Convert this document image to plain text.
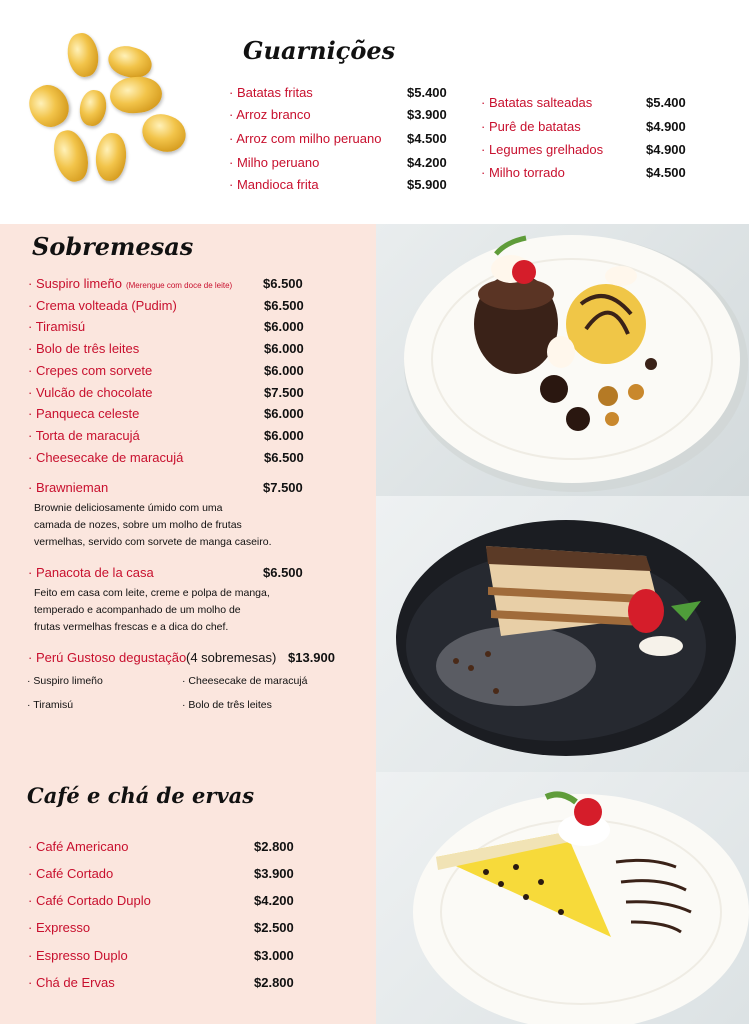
Guarnições
· Batatas fritas	$5.400
· Arroz branco	$3.900
· Arroz com milho peruano $4.500
· Milho peruano	$4.200
· Mandioca frita	$5.900
· Batatas salteadas	$5.400
· Purê de batatas	$4.900
· Legumes grelhados	$4.900
· Milho torrado	$4.500
Sobremesas
· Suspiro limeño (Merengue com doce de leite) $6.500
· Crema volteada (Pudim)	$6.500
· Tiramisú	$6.000
· Bolo de três leites	$6.000
· Crepes com sorvete	$6.000
· Vulcão de chocolate	$7.500
· Panqueca celeste	$6.000
· Torta de maracujá	$6.000
· Cheesecake de maracujá	$6.500
· Brawnieman	$7.500
Brownie deliciosamente úmido com uma
camada de nozes, sobre um molho de frutas
vermelhas, servido com sorvete de manga caseiro.
· Panacota de la casa	$6.500
Feito em casa com leite, creme e polpa de manga,
temperado e acompanhado de um molho de
frutas vermelhas frescas e a dica do chef.
· Perú Gustoso degustação (4 sobremesas) $13.900
· Suspiro limeño	· Cheesecake de maracujá
· Tiramisú	· Bolo de três leites
Café e chá de ervas
· Café Americano	$2.800
· Café Cortado	$3.900
· Café Cortado Duplo	$4.200
· Expresso	$2.500
· Espresso Duplo	$3.000
· Chá de Ervas	$2.800
